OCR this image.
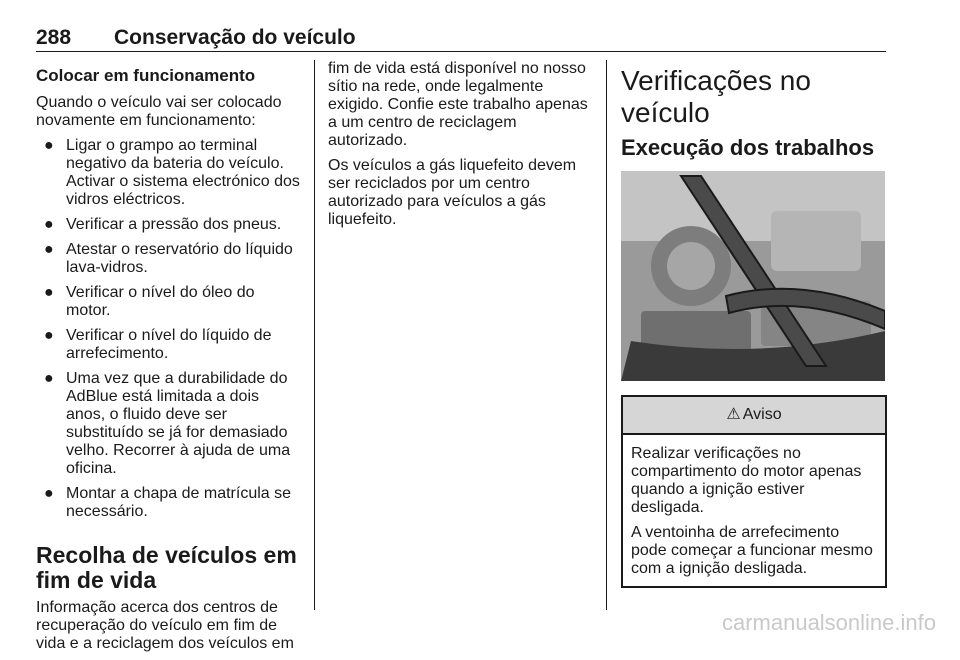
288 Conservação do veículo
Colocar em funcionamento

Quando o veículo vai ser colocado novamente em funcionamento:

● Ligar o grampo ao terminal negativo da bateria do veículo. Activar o sistema electrónico dos vidros eléctricos.
● Verificar a pressão dos pneus.
● Atestar o reservatório do líquido lava-vidros.
● Verificar o nível do óleo do motor.
● Verificar o nível do líquido de arrefecimento.
● Uma vez que a durabilidade do AdBlue está limitada a dois anos, o fluido deve ser substituído se já for demasiado velho. Recorrer à ajuda de uma oficina.
● Montar a chapa de matrícula se necessário.
Recolha de veículos em fim de vida

Informação acerca dos centros de recuperação do veículo em fim de vida e a reciclagem dos veículos em

fim de vida está disponível no nosso sítio na rede, onde legalmente exigido. Confie este trabalho apenas a um centro de reciclagem autorizado.

Os veículos a gás liquefeito devem ser reciclados por um centro autorizado para veículos a gás liquefeito.

Verificações no veículo
Execução dos trabalhos
⚠ Aviso

Realizar verificações no compartimento do motor apenas quando a ignição estiver desligada.

A ventoinha de arrefecimento pode começar a funcionar mesmo com a ignição desligada.

carmanualsonline.info
